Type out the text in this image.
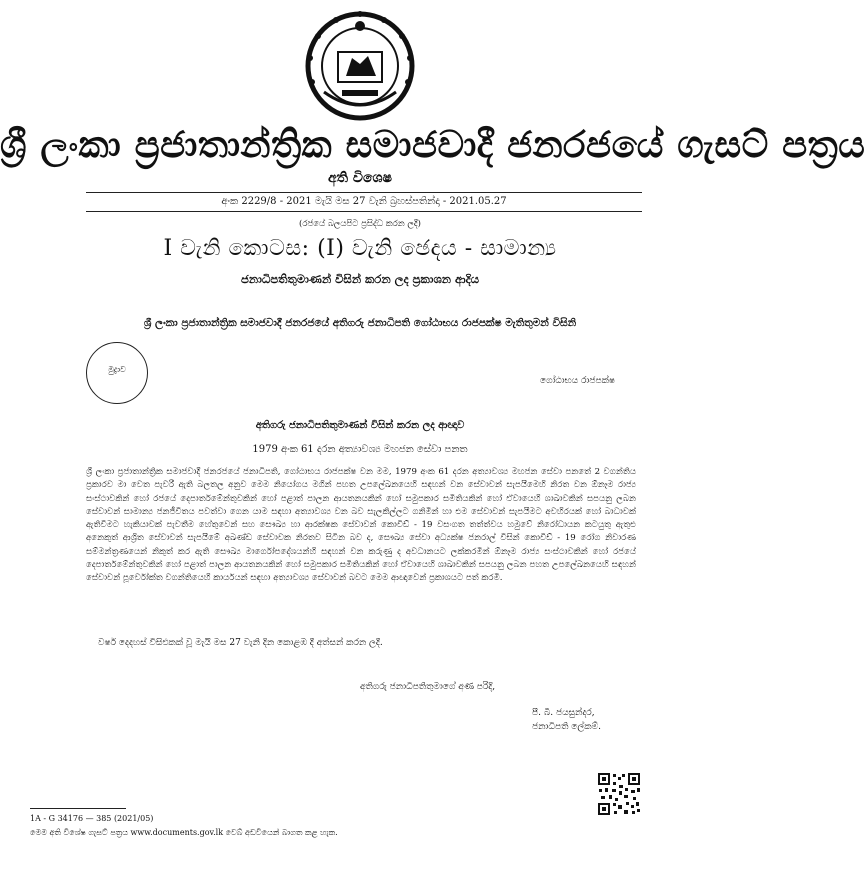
ශ්‍රී ලංකා ප්‍රජාතාන්ත්‍රික සමාජවාදී ජනරජයේ ගැසට් පත්‍රය
අති විශෙෂ
අංක 2229/8 - 2021 මැයි මස 27 වැනි බ්‍රහස්පතින්දා - 2021.05.27
(රජයේ බලයපිට ප්‍රසිද්ධ කරන ලදී)
I වැනි කොටස: (I) වැනි ඡෙදය - සාමාන්‍ය
ජනාධිපතිතුමාණන් විසින් කරන ලද ප්‍රකාශන ආදිය
ශ්‍රී ලංකා ප්‍රජාතාන්ත්‍රික සමාජවාදී ජනරජයේ අතිගරු ජනාධිපති ගෝඨාභය රාජපක්ෂ මැතිතුමන් විසිනි
මුද්‍රාව
ගෝඨාභය රාජපක්ෂ
අතිගරු ජනාධිපතිතුමාණන් විසින් කරන ලද ආඥාව
1979 අංක 61 දරන අත්‍යාවශ්‍ය මහජන සේවා පනත
ශ්‍රී ලංකා ප්‍රජාතාන්ත්‍රික සමාජවාදී ජනරජයේ ජනාධිපති, ගෝඨාභය රාජපක්ෂ වන මම, 1979 අංක 61 දරන අත්‍යාවශ්‍ය මහජන සේවා පනතේ 2 වගන්තිය ප්‍රකාරව මා වෙත පැවරී ඇති බලතල අනුව මෙම නියෝගය මගින් පහත උපලේඛනයෙහි සඳහන් වන සේවාවන් සැපයීමෙහි නිරත වන ඕනෑම රාජ්‍ය සංස්ථාවකින් හෝ රජයේ දෙපාර්තමේන්තුවකින් හෝ පළාත් පාලන ආයතනයකින් හෝ සමුපකාර සමිතියකින් හෝ ඒවායෙහි ශාඛාවකින් සපයනු ලබන සේවාවන් සාමාන්‍ය ජනජීවිතය පවත්වා ගෙන යාම සඳහා අත්‍යාවශ්‍ය වන බව සැලකිල්ලට ගනිමින් හා එම සේවාවන් සැපයීමට අවහිරයක් හෝ බාධාවක් ඇතිවීමට හැකියාවක් පැවතීම හේතුවෙන් සහ සෞඛ්‍ය හා ආරක්ෂක සේවාවන් කොවිඩ් - 19 වසංගත තත්ත්වය හමුවේ නිරෝධායන කටයුතු ඇතුළු අනෙකුත් ආශ්‍රිත සේවාවන් සැපයීමේ අඛණ්ඩ සේවාවක නිරතව සිටින බව ද, සෞඛ්‍ය සේවා අධ්‍යක්ෂ ජනරාල් විසින් කොවිඩ් - 19 රෝග නිවාරණ සම්මන්ත්‍රණයෙන් නිකුත් කර ඇති සෞඛ්‍ය මාර්ගෝපදේශයන්හි සඳහන් වන කරුණු ද අවධානයට ලක්කරමින් ඕනෑම රාජ්‍ය සංස්ථාවකින් හෝ රජයේ දෙපාර්තමේන්තුවකින් හෝ පළාත් පාලන ආයතනයකින් හෝ සමුපකාර සමිතියකින් හෝ ඒවායෙහි ශාඛාවකින් සපයනු ලබන පහත උපලේඛනයෙහි සඳහන් සේවාවන් පූර්වෝක්ත වගන්තියෙහි කාර්යයන් සඳහා අත්‍යාවශ්‍ය සේවාවන් බවට මෙම ආඥාවෙන් ප්‍රකාශයට පත් කරමි.
වර්ෂ දෙදහස් විසිඑකක් වූ මැයි මස 27 වැනි දින කොළඹ දී අත්සන් කරන ලදී.
අතිගරු ජනාධිපතිතුමාගේ අණ පරිදි,
පී. බී. ජයසුන්දර,
ජනාධිපති ලේකම්.
1A - G 34176 — 385 (2021/05)
මෙම අති විශේෂ ගැසට් පත්‍රය www.documents.gov.lk වෙබ් අඩවියෙන් බාගත කළ හැක.
